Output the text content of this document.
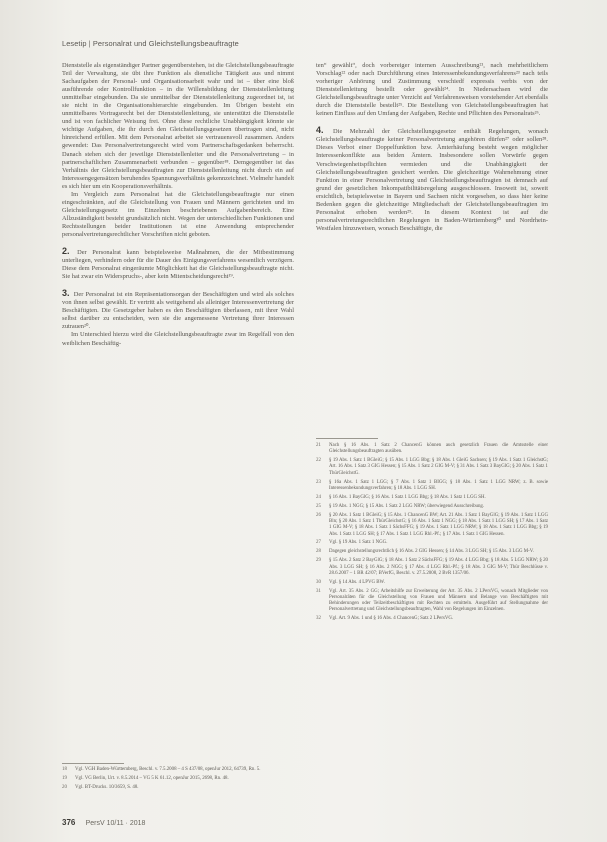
Lesetip | Personalrat und Gleichstellungsbeauftragte

Dienststelle als eigenständiger Partner gegenüberstehen, ist die Gleichstellungsbeauftragte Teil der Verwaltung, sie übt ihre Funktion als dienstliche Tätigkeit aus und nimmt Sachaufgaben der Personal- und Organisationsarbeit wahr und ist – über eine bloß ausführende oder Kontrollfunktion – in die Willensbildung der Dienststellenleitung unmittelbar eingebunden. Da sie unmittelbar der Dienststellenleitung zugeordnet ist, ist sie nicht in die Organisationshierarchie eingebunden. Im Übrigen besteht ein unmittelbares Vortragsrecht bei der Dienststellenleitung, sie unterstützt die Dienststelle und ist von fachlicher Weisung frei. Ohne diese rechtliche Unabhängigkeit könnte sie wichtige Aufgaben, die ihr durch den Gleichstellungsgesetzen übertragen sind, nicht hinreichend erfüllen. Mit dem Personalrat arbeitet sie vertrauensvoll zusammen. Anders gewendet: Das Personalvertretungsrecht wird vom Partnerschaftsgedanken beherrscht. Danach stehen sich der jeweilige Dienststellenleiter und die Personalvertretung – in partnerschaftlichen Zusammenarbeit verbunden – gegenüber¹⁸. Demgegenüber ist das Verhältnis der Gleichstellungsbeauftragten zur Dienststellenleitung nicht durch ein auf Interessengegensätzen beruhendes Spannungsverhältnis gekennzeichnet. Vielmehr handelt es sich hier um ein Kooperationsverhältnis.

Im Vergleich zum Personalrat hat die Gleichstellungsbeauftragte nur einen eingeschränkten, auf die Gleichstellung von Frauen und Männern gerichteten und im Gleichstellungsgesetz im Einzelnen beschriebenen Aufgabenbereich. Eine Allzuständigkeit besteht grundsätzlich nicht. Wegen der unterschiedlichen Funktionen und Rechtsstellungen beider Institutionen ist eine Anwendung entsprechender personalvertretungsrechtlicher Vorschriften nicht geboten.

2. Der Personalrat kann beispielsweise Maßnahmen, die der Mitbestimmung unterliegen, verhindern oder für die Dauer des Einigungsverfahrens wesentlich verzögern. Diese dem Personalrat eingeräumte Möglichkeit hat die Gleichstellungsbeauftragte nicht. Sie hat zwar ein Widerspruchs-, aber kein Mitentscheidungsrecht¹⁹.

3. Der Personalrat ist ein Repräsentationsorgan der Beschäftigten und wird als solches von ihnen selbst gewählt. Er vertritt als weitgehend als alleiniger Interessenvertretung der Beschäftigten. Die Gesetzgeber haben es den Beschäftigten überlassen, mit ihrer Wahl selbst darüber zu entscheiden, wen sie die angemessene Vertretung ihrer Interessen zutrauen²⁰.

Im Unterschied hierzu wird die Gleichstellungsbeauftragte zwar im Regelfall von den weiblichen Beschäftig-

18	Vgl. VGH Baden-Württemberg, Beschl. v. 7.5.2008 – 4 S 437/08, openJur 2012, 64739, Rn. 5.
19	Vgl. VG Berlin, Urt. v. 8.5.2014 – VG 5 K 61.12, openJur 2015, 2698, Rn. 48.
20	Vgl. BT-Drucks. 10/3659, S. 48.

ten“ gewählt“, doch vorbereiger internen Ausschreibung²¹, nach mehrheitlichem Vorschlag²² oder nach Durchführung eines Interessenbekundungsverfahrens²³ nach teils vorheriger Anhörung und Zustimmung verschiedf expressis verbis von der Dienststellenleitung bestellt oder gewählt²⁴. In Niedersachsen wird die Gleichstellungsbeauftragte unter Verzicht auf Verfahrensweisen vorstehender Art ebenfalls durch die Dienststelle bestellt²⁵. Die Bestellung von Gleichstellungsbeauftragten hat keinen Einfluss auf den Umfang der Aufgaben, Rechte und Pflichten des Personalrats²⁶.

4. Die Mehrzahl der Gleichstellungsgesetze enthält Regelungen, wonach Gleichstellungsbeauftragte keiner Personalvertretung angehören dürfen²⁷ oder sollen²⁸. Dieses Verbot einer Doppelfunktion bzw. Ämterhäufung besteht wegen möglicher Interessenkonflikte aus beiden Ämtern. Insbesondere sollen Vorwürfe gegen Verschwiegenheitspflichten vermieden und die Unabhängigkeit der Gleichstellungsbeauftragten gesichert werden. Die gleichzeitige Wahrnehmung einer Funktion in einer Personalvertretung und Gleichstellungsbeauftragten ist demnach auf grund der gesetzlichen Inkompatibilitätsregelung ausgeschlossen. Insoweit ist, soweit ersichtlich, beispielsweise in Bayern und Sachsen nicht vorgesehen, so dass hier keine Bedenken gegen die gleichzeitige Mitgliedschaft der Gleichstellungsbeauftragten im Personalrat erhoben werden²⁹. In diesem Kontext ist auf die personalvertretungsrechtlichen Regelungen in Baden-Württemberg³⁰ und Nordrhein-Westfalen hinzuweisen, wonach Beschäftigte, die

21	Nach § 16 Abs. 1 Satz 2 ChancenG können auch gesetzlich Frauen die Amtsstelle einer Gleichstellungsbeauftragten ausüben.
22	§ 19 Abs. 1 Satz 1 BGleiG; § 15 Abs. 1 LGG Bbg; § 18 Abs. 1 GleiG Sachsen; § 19 Abs. 1 Satz 1 GleichstG; Art. 16 Abs. 1 Satz 3 GIG Hessen; § 15 Abs. 1 Satz 2 GIG M-V; § 31 Abs. 1 Satz 3 BayGlG; § 20 Abs. 1 Satz 1 ThürGleichstG.
23	§ 16a Abs. 1 Satz 1 LGG; § 7 Abs. 1 Satz 1 BIGG; § 18 Abs. 1 Satz 1 LGG NRW; z. B. sowie Interessenbekundungsverfahren; § 18 Abs. 1 LGG SH.
24	§ 16 Abs. 1 BayGlG; § 16 Abs. 1 Satz 1 LGG Bbg; § 18 Abs. 1 Satz 1 LGG SH.
25	§ 19 Abs. 1 NGG; § 15 Abs. 1 Satz 2 LGG NRW; überwiegend Ausschreibung.
26	§ 20 Abs. 1 Satz 1 BGleiG; § 15 Abs. 1 ChancenG BW; Art. 21 Abs. 1 Satz 1 BayGlG; § 19 Abs. 1 Satz 1 LGG Bln; § 20 Abs. 1 Satz 1 ThürGleichstG; § 16 Abs. 1 Satz 1 NGG; § 18 Abs. 1 Satz 1 LGG SH; § 17 Abs. 1 Satz 1 GIG M-V; § 18 Abs. 1 Satz 1 SächsFFG; § 19 Abs. 1 Satz 1 LGG NRW; § 18 Abs. 1 Satz 1 LGG Bbg; § 19 Abs. 1 Satz 1 LGG SH; § 17 Abs. 1 Satz 1 LGG Rhl.-Pf.; § 17 Abs. 1 Satz 1 GIG Hessen.
27	Vgl. § 19 Abs. 1 Satz 1 NGG.
28	Dagegen gleichstellungsrechtlich § 16 Abs. 2 GIG Hessen; § 14 Abs. 3 LGG SH; § 15 Abs. 3 LGG M-V.
29	§ 15 Abs. 2 Satz 2 BayGlG; § 18 Abs. 1 Satz 2 SächsFFG; § 19 Abs. 4 LGG Bbg; § 18 Abs. 5 LGG NRW; § 20 Abs. 3 LGG SH; § 16 Abs. 2 NGG; § 17 Abs. 4 LGG Rhl.-Pf.; § 18 Abs. 3 GIG M-V; Thür Beschlüsse v. 28.6.2007 – 1 BR 42/07; BVerfG, Beschl. v. 27.5.2008, 2 BvR 1357/06.
30	Vgl. § 14 Abs. 4 LPVG BW.
31	Vgl. Art. 35 Abs. 2 GG; Arbeitshilfe zur Erweiterung der Art. 35 Abs. 2 LPersVG, wonach Mitglieder von Personalräten für die Gleichstellung von Frauen und Männern und Belange von Beschäftigten mit Behinderungen oder Teilzeitbeschäftigten mit Rechten zu ermitteln. Ausgeführt auf Stellungnahme der Personalvertretung und Gleichstellungsbeauftragten, Wahl von Regelungen im Einzelnen.
32	Vgl. Art. 9 Abs. 1 und § 16 Abs. 4 ChancenG; Satz 2 LPersVG.
376 PersV 10/11 · 2018
